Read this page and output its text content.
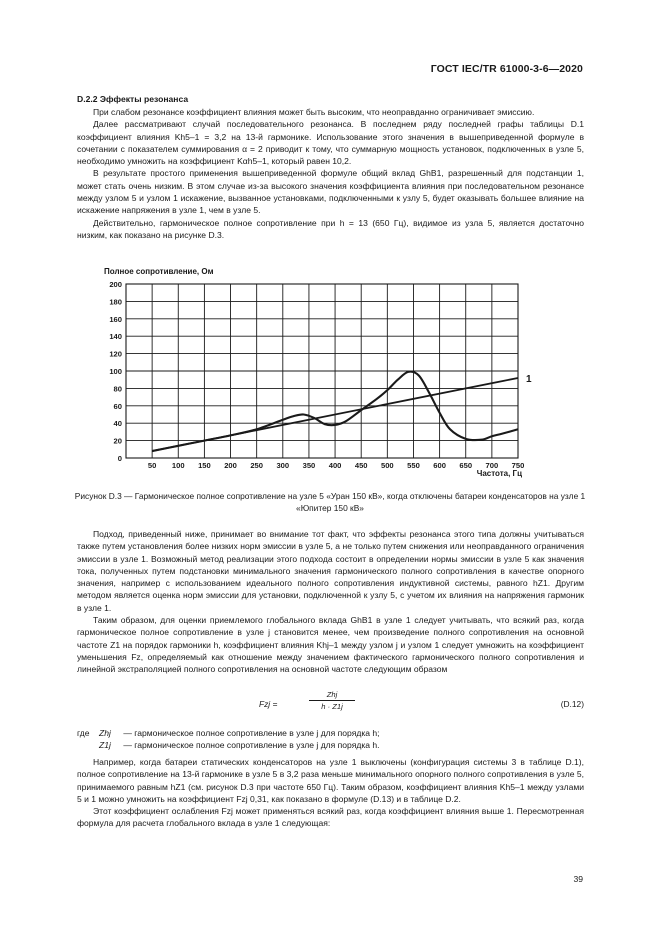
ГОСТ IEC/TR 61000-3-6—2020
D.2.2 Эффекты резонанса

При слабом резонансе коэффициент влияния может быть высоким, что неоправданно ограничивает эмиссию.

Далее рассматривают случай последовательного резонанса. В последнем ряду последней графы таблицы D.1 коэффициент влияния Kh5–1 = 3,2 на 13-й гармонике. Использование этого значения в вышеприведенной формуле в сочетании с показателем суммирования α = 2 приводит к тому, что суммарную мощность установок, подключенных в узле 5, необходимо умножить на коэффициент Kαh5–1, который равен 10,2.

В результате простого применения вышеприведенной формуле общий вклад GhB1, разрешенный для подстанции 1, может стать очень низким. В этом случае из-за высокого значения коэффициента влияния при последовательном резонансе между узлом 5 и узлом 1 искажение, вызванное установками, подключенными к узлу 5, будет оказывать большее влияние на искажение напряжения в узле 1, чем в узле 5.

Действительно, гармоническое полное сопротивление при h = 13 (650 Гц), видимое из узла 5, является достаточно низким, как показано на рисунке D.3.

Полное сопротивление, Ом
Частота, Гц
0
20
40
60
80
100
120
140
160
180
200
50 100 150 200 250 300 350 400 450 500 550 600 650 700 750
1
Рисунок D.3 — Гармоническое полное сопротивление на узле 5 «Уран 150 кВ», когда отключены батареи конденсаторов на узле 1 «Юпитер 150 кВ»

Подход, приведенный ниже, принимает во внимание тот факт, что эффекты резонанса этого типа должны учитываться также путем установления более низких норм эмиссии в узле 5, а не только путем снижения или неоправданного ограничения эмиссии в узле 1. Возможный метод реализации этого подхода состоит в определении нормы эмиссии в узле 5 как значения тока, полученных путем подстановки минимального значения гармонического полного сопротивления в качестве опорного значения, например с использованием идеального полного сопротивления индуктивной системы, равного hZ1. Другим методом является оценка норм эмиссии для установки, подключенной к узлу 5, с учетом их влияния на напряжения гармоник в узле 1.

Таким образом, для оценки приемлемого глобального вклада GhB1 в узле 1 следует учитывать, что всякий раз, когда гармоническое полное сопротивление в узле j становится менее, чем произведение полного сопротивления на основной частоте Z1 на порядок гармоники h, коэффициент влияния Khj–1 между узлом j и узлом 1 следует умножить на коэффициент уменьшения Fz, определяемый как отношение между значением фактического гармонического полного сопротивления и линейной экстраполяцией полного сопротивления на основной частоте следующим образом

Fzj =
Zhj
h · Z1j	(D.12)
где Zhj — гармоническое полное сопротивление в узле j для порядка h;
Z1j — гармоническое полное сопротивление в узле j для порядка h.

Например, когда батареи статических конденсаторов на узле 1 выключены (конфигурация системы 3 в таблице D.1), полное сопротивление на 13-й гармонике в узле 5 в 3,2 раза меньше минимального опорного полного сопротивления в узле 5, принимаемого равным hZ1 (см. рисунок D.3 при частоте 650 Гц). Таким образом, коэффициент влияния Kh5–1 между узлами 5 и 1 можно умножить на коэффициент Fzj 0,31, как показано в формуле (D.13) и в таблице D.2.

Этот коэффициент ослабления Fzj может применяться всякий раз, когда коэффициент влияния выше 1. Пересмотренная формула для расчета глобального вклада в узле 1 следующая:

39
